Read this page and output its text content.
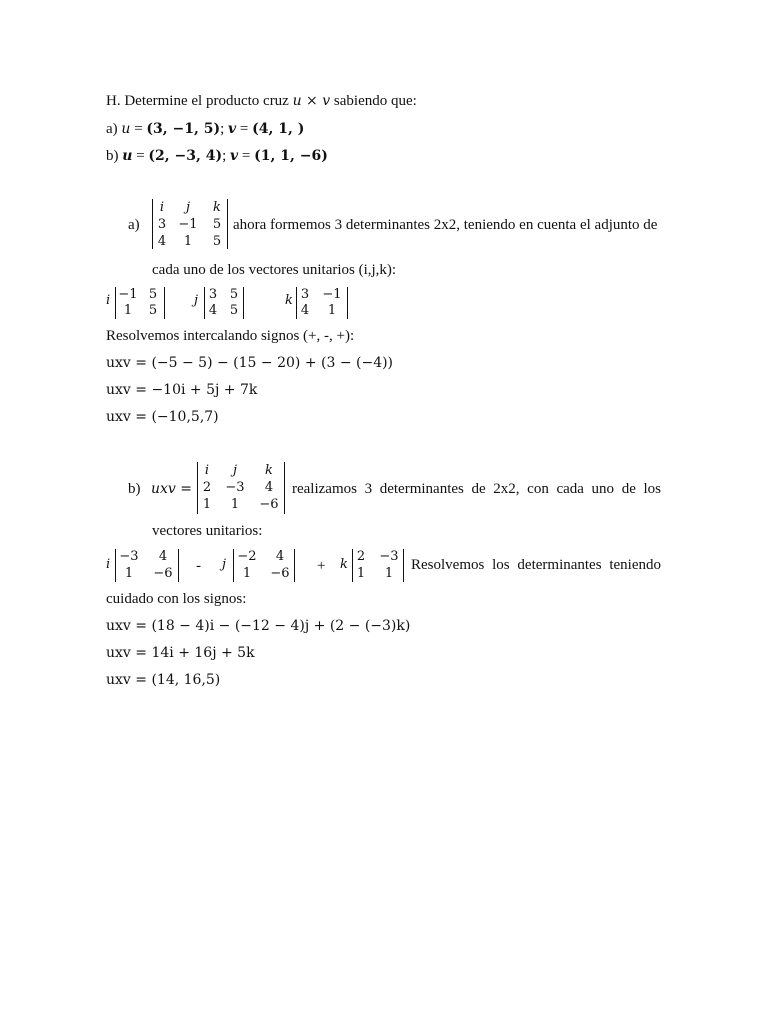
H. Determine el producto cruz u × v sabiendo que:
a) u = (3, −1, 5); v = (4, 1, )
b) u = (2, −3, 4); v = (1, 1, −6)
a)
i	j	k
3 −1 5
4	1	5
ahora formemos 3 determinantes 2x2, teniendo en cuenta el adjunto de
cada uno de los vectores unitarios (i,j,k):
i −1 5
1	5
j 3 5
4 5
k 3 −1
4	1
Resolvemos intercalando signos (+, -, +):
uxv = (−5 − 5) − (15 − 20) + (3 − (−4))
uxv = −10i + 5j + 7k
uxv = (−10,5,7)
b) uxv =
i	j	k
2 −3	4
1	1	−6
realizamos 3 determinantes de 2x2, con cada uno de los
vectores unitarios:
i
−3	4
1	−6 - j
−2	4
1	−6 + k
2 −3
1	1
Resolvemos los determinantes teniendo
cuidado con los signos:
uxv = (18 − 4)i − (−12 − 4)j + (2 − (−3)k)
uxv = 14i + 16j + 5k
uxv = (14, 16,5)
